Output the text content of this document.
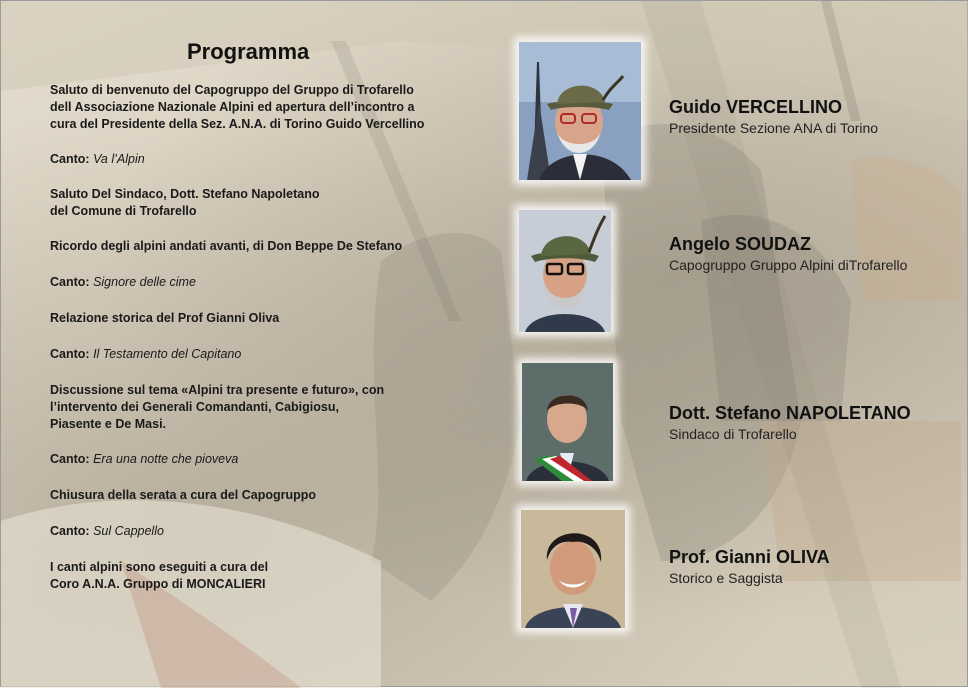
Programma
Saluto di benvenuto del Capogruppo del Gruppo di Trofarello
dell Associazione Nazionale Alpini ed apertura dell’incontro a
cura del Presidente della Sez. A.N.A. di Torino Guido Vercellino
Canto: Va l’Alpin
Saluto Del Sindaco, Dott. Stefano Napoletano
del Comune di Trofarello
Ricordo degli alpini andati avanti, di Don Beppe De Stefano
Canto: Signore delle cime
Relazione storica del Prof Gianni Oliva
Canto: Il Testamento del Capitano
Discussione sul tema «Alpini tra presente e futuro», con
l’intervento dei Generali Comandanti, Cabigiosu,
Piasente e De Masi.
Canto: Era una notte che pioveva
Chiusura della serata a cura del Capogruppo
Canto: Sul Cappello
I canti alpini sono eseguiti a cura del
Coro A.N.A. Gruppo di MONCALIERI
Guido VERCELLINO
Presidente Sezione ANA di Torino
Angelo SOUDAZ
Capogruppo Gruppo Alpini diTrofarello
Dott. Stefano NAPOLETANO
Sindaco di Trofarello
Prof. Gianni OLIVA
Storico e Saggista
